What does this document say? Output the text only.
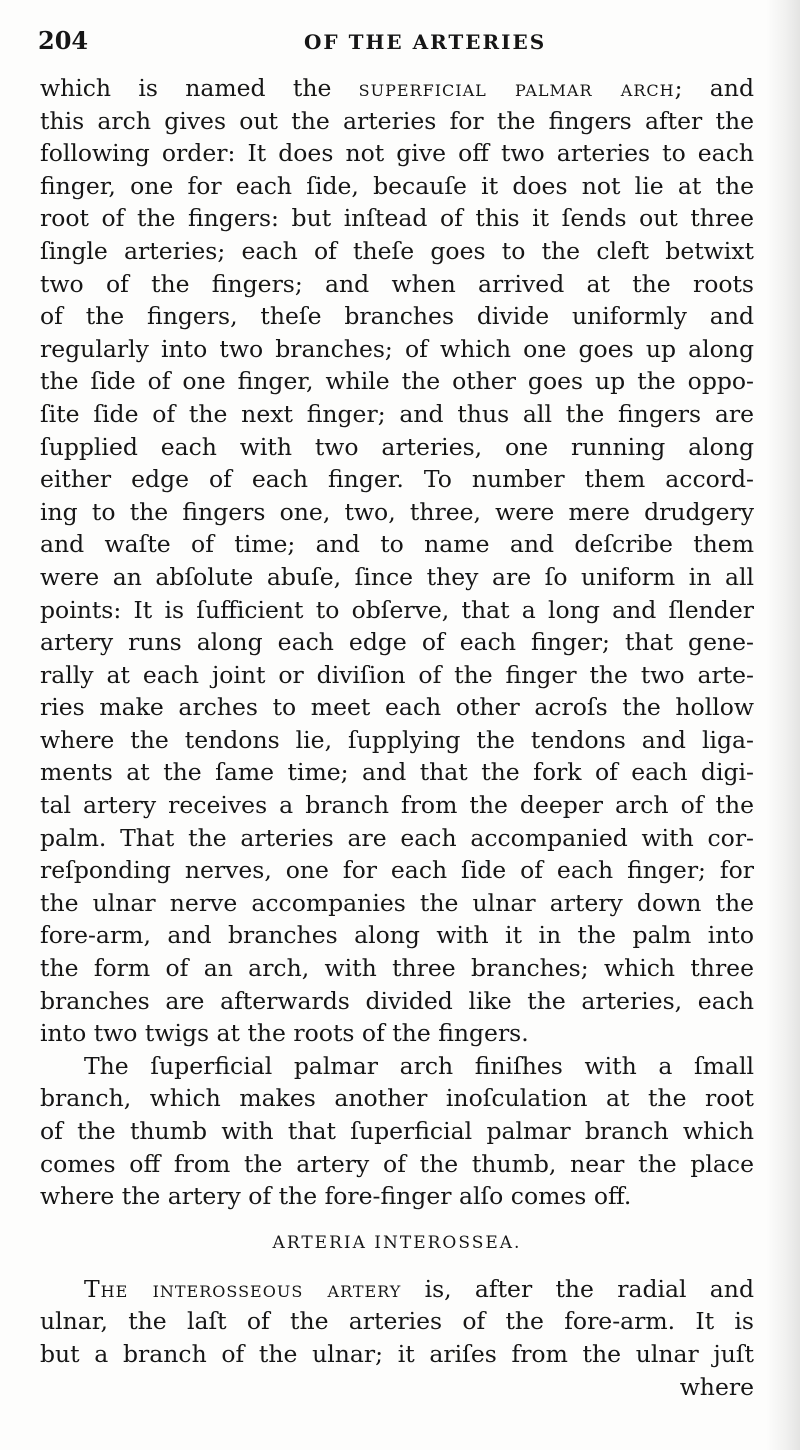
204	OF THE ARTERIES
which is named the superficial palmar arch; and
this arch gives out the arteries for the fingers after the
following order: It does not give off two arteries to each
finger, one for each ſide, becauſe it does not lie at the
root of the fingers: but inſtead of this it ſends out three
ſingle arteries; each of theſe goes to the cleft betwixt
two of the fingers; and when arrived at the roots
of the fingers, theſe branches divide uniformly and
regularly into two branches; of which one goes up along
the ſide of one finger, while the other goes up the oppo-
ſite ſide of the next finger; and thus all the fingers are
ſupplied each with two arteries, one running along
either edge of each finger. To number them accord-
ing to the fingers one, two, three, were mere drudgery
and waſte of time; and to name and deſcribe them
were an abſolute abuſe, ſince they are ſo uniform in all
points: It is ſufficient to obſerve, that a long and ſlender
artery runs along each edge of each finger; that gene-
rally at each joint or diviſion of the finger the two arte-
ries make arches to meet each other acroſs the hollow
where the tendons lie, ſupplying the tendons and liga-
ments at the ſame time; and that the fork of each digi-
tal artery receives a branch from the deeper arch of the
palm. That the arteries are each accompanied with cor-
reſponding nerves, one for each ſide of each finger; for
the ulnar nerve accompanies the ulnar artery down the
fore-arm, and branches along with it in the palm into
the form of an arch, with three branches; which three
branches are afterwards divided like the arteries, each
into two twigs at the roots of the fingers.
The ſuperficial palmar arch finiſhes with a ſmall
branch, which makes another inoſculation at the root
of the thumb with that ſuperficial palmar branch which
comes off from the artery of the thumb, near the place
where the artery of the fore-finger alſo comes off.
ARTERIA INTEROSSEA.
The interosseous artery is, after the radial and
ulnar, the laſt of the arteries of the fore-arm. It is
but a branch of the ulnar; it ariſes from the ulnar juſt
where
